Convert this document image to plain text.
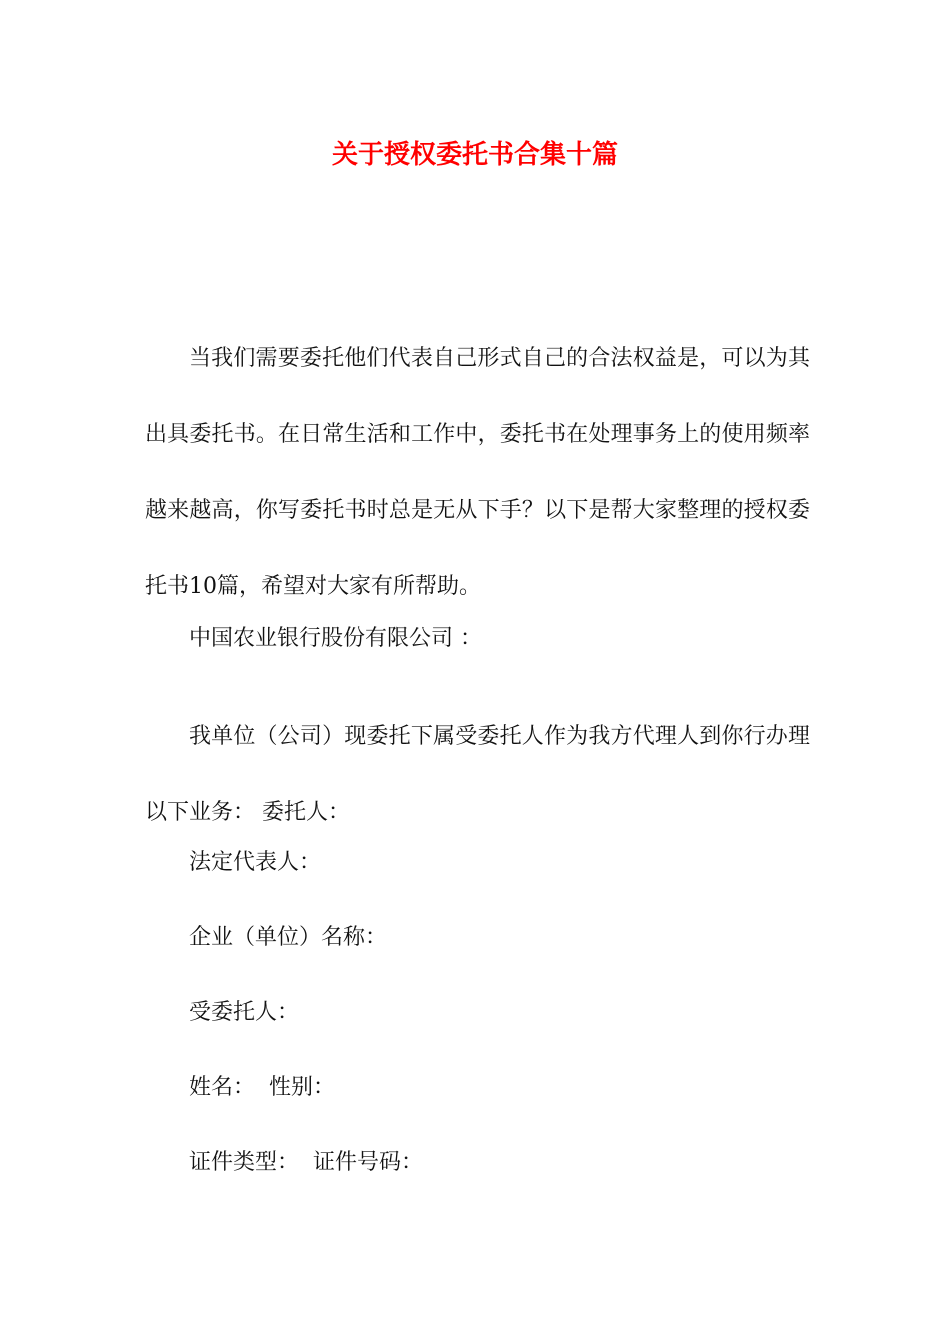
关于授权委托书合集十篇

当我们需要委托他们代表自己形式自己的合法权益是，可以为其出具委托书。在日常生活和工作中，委托书在处理事务上的使用频率越来越高，你写委托书时总是无从下手？以下是帮大家整理的授权委托书10篇，希望对大家有所帮助。

我单位（公司）现委托下属受委托人作为我方代理人到你行办理以下业务： 委托人：

中国农业银行股份有限公司 ：
法定代表人：
企业（单位）名称：
受委托人：
姓名：  性别：
证件类型：  证件号码：
